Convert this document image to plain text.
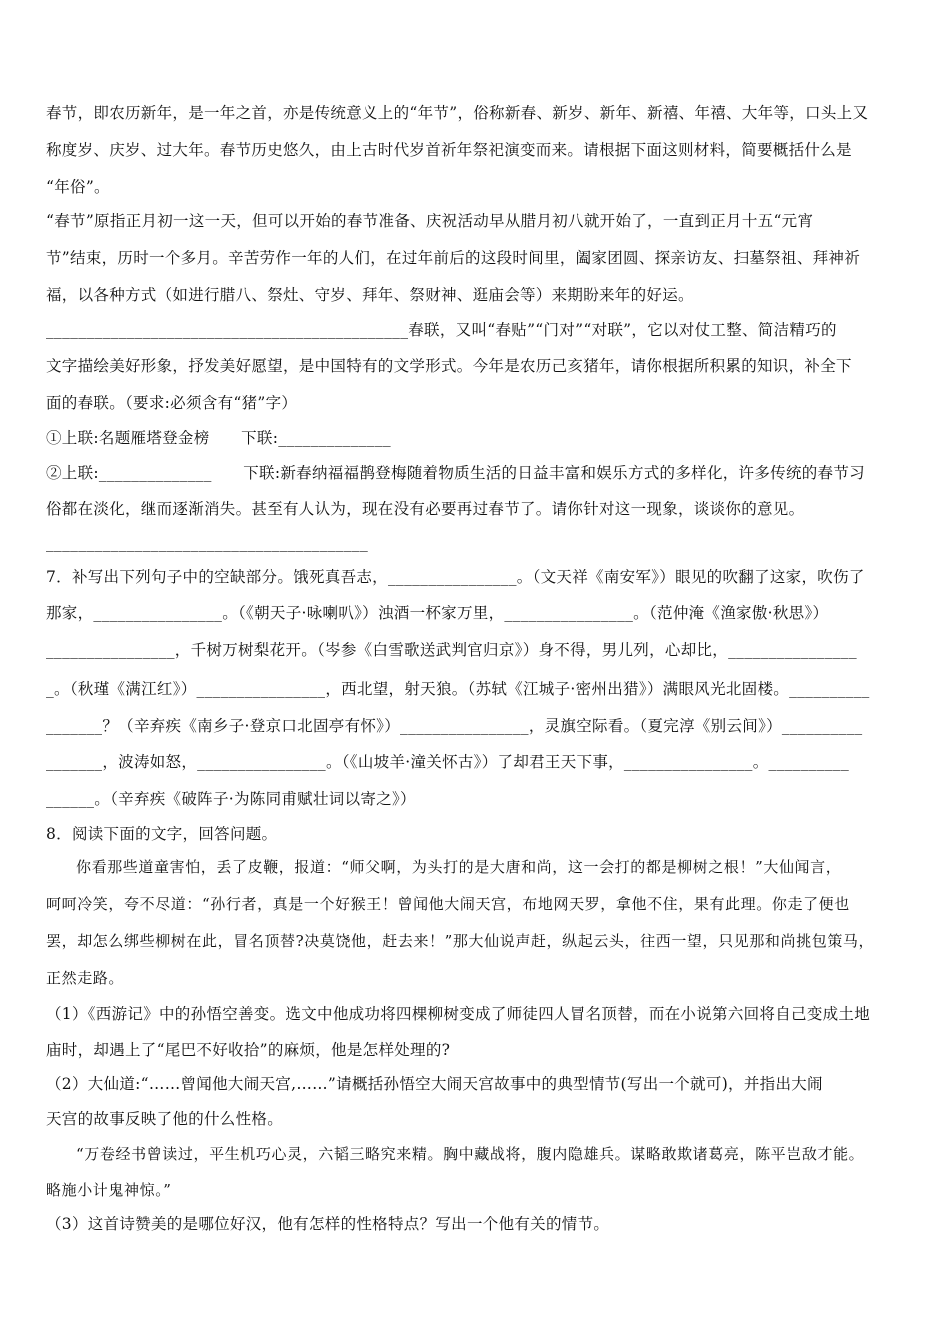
春节，即农历新年，是一年之首，亦是传统意义上的“年节”，俗称新春、新岁、新年、新禧、年禧、大年等，口头上又
称度岁、庆岁、过大年。春节历史悠久，由上古时代岁首祈年祭祀演变而来。请根据下面这则材料，简要概括什么是
“年俗”。
“春节”原指正月初一这一天，但可以开始的春节准备、庆祝活动早从腊月初八就开始了，一直到正月十五“元宵
节”结束，历时一个多月。辛苦劳作一年的人们，在过年前后的这段时间里，阖家团圆、探亲访友、扫墓祭祖、拜神祈
福，以各种方式（如进行腊八、祭灶、守岁、拜年、祭财神、逛庙会等）来期盼来年的好运。
_____________________________________________春联，又叫“春贴”“门对”“对联”，它以对仗工整、简洁精巧的
文字描绘美好形象，抒发美好愿望，是中国特有的文学形式。今年是农历己亥猪年，请你根据所积累的知识，补全下
面的春联。（要求:必须含有“猪”字）
①上联:名题雁塔登金榜　　下联:______________
②上联:______________　　下联:新春纳福福鹊登梅随着物质生活的日益丰富和娱乐方式的多样化，许多传统的春节习
俗都在淡化，继而逐渐消失。甚至有人认为，现在没有必要再过春节了。请你针对这一现象，谈谈你的意见。
________________________________________
7．补写出下列句子中的空缺部分。饿死真吾志，________________。（文天祥《南安军》）眼见的吹翻了这家，吹伤了
那家，________________。（《朝天子·咏喇叭》）浊酒一杯家万里，________________。（范仲淹《渔家傲·秋思》）
________________，千树万树梨花开。（岑参《白雪歌送武判官归京》）身不得，男儿列，心却比，________________
_。（秋瑾《满江红》）________________，西北望，射天狼。（苏轼《江城子·密州出猎》）满眼风光北固楼。__________
_______？（辛弃疾《南乡子·登京口北固亭有怀》）________________，灵旗空际看。（夏完淳《别云间》）__________
_______，波涛如怒，________________。（《山坡羊·潼关怀古》）了却君王天下事，________________。__________
______。（辛弃疾《破阵子·为陈同甫赋壮词以寄之》）
8．阅读下面的文字，回答问题。
你看那些道童害怕，丢了皮鞭，报道：“师父啊，为头打的是大唐和尚，这一会打的都是柳树之根！”大仙闻言，
呵呵冷笑，夸不尽道：“孙行者，真是一个好猴王！曾闻他大闹天宫，布地网天罗，拿他不住，果有此理。你走了便也
罢，却怎么绑些柳树在此，冒名顶替?决莫饶他，赶去来！”那大仙说声赶，纵起云头，往西一望，只见那和尚挑包策马，
正然走路。
（1）《西游记》中的孙悟空善变。选文中他成功将四棵柳树变成了师徒四人冒名顶替，而在小说第六回将自己变成土地
庙时，却遇上了“尾巴不好收拾”的麻烦，他是怎样处理的?
（2）大仙道:“……曾闻他大闹天宫,……”请概括孙悟空大闹天宫故事中的典型情节(写出一个就可)，并指出大闹
天宫的故事反映了他的什么性格。
“万卷经书曾读过，平生机巧心灵，六韬三略究来精。胸中藏战将，腹内隐雄兵。谋略敢欺诸葛亮，陈平岂敌才能。
略施小计鬼神惊。”
（3）这首诗赞美的是哪位好汉，他有怎样的性格特点？写出一个他有关的情节。
